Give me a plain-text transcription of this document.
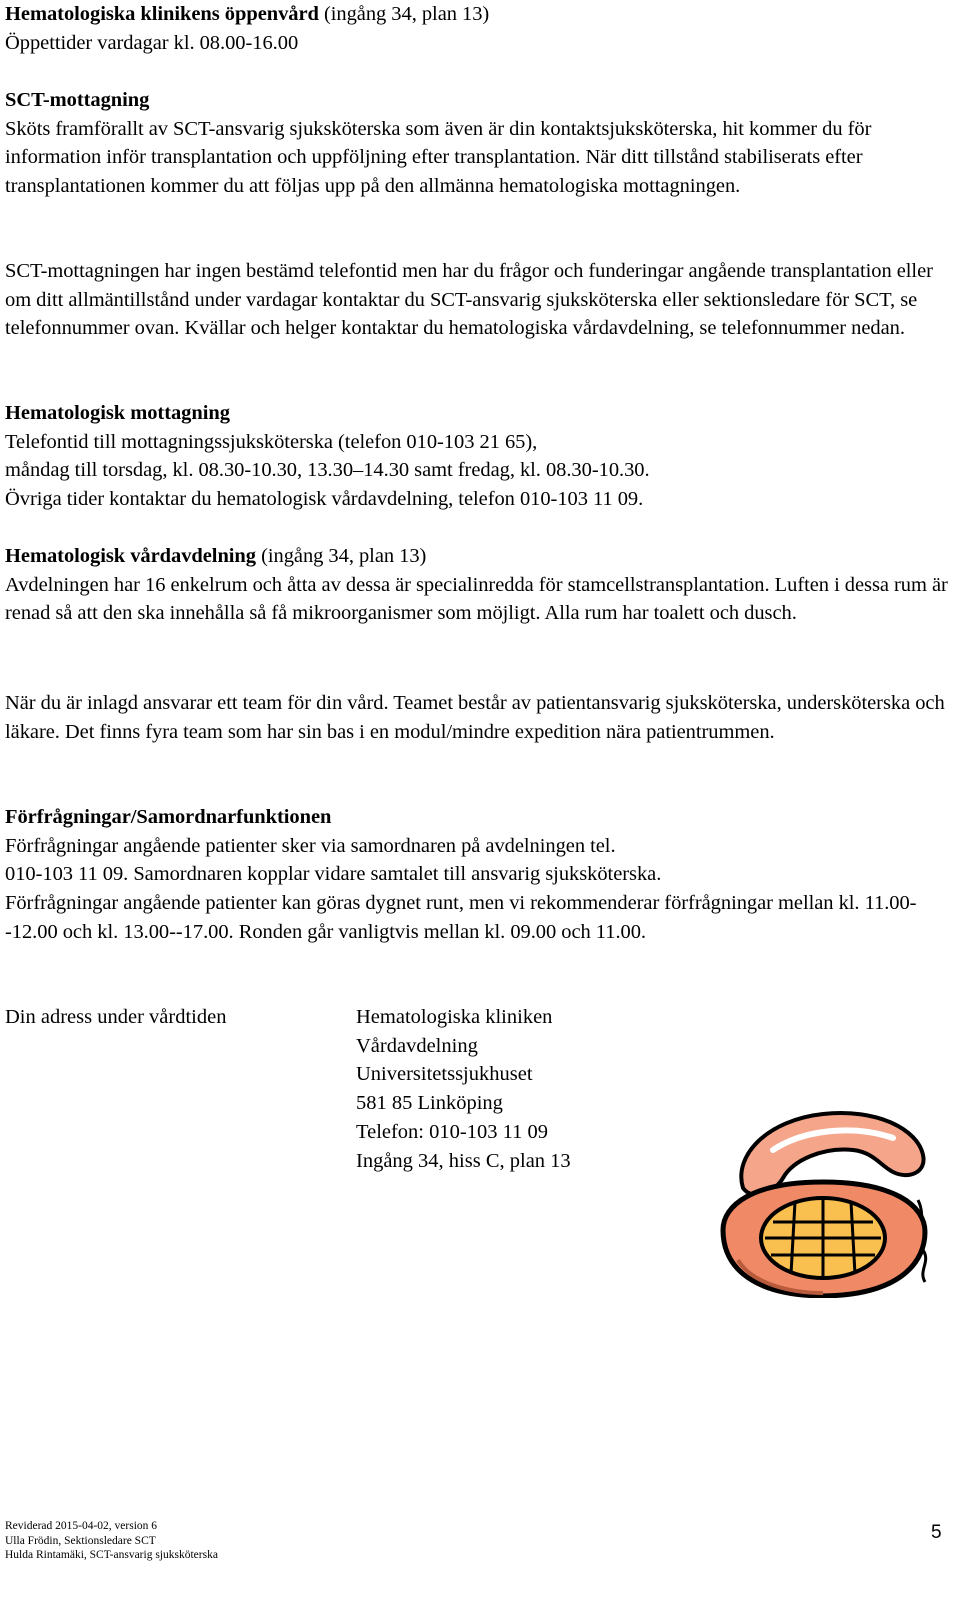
Hematologiska klinikens öppenvård (ingång 34, plan 13)

Öppettider vardagar kl. 08.00-16.00

SCT-mottagning

Sköts framförallt av SCT-ansvarig sjuksköterska som även är din kontaktsjuksköterska, hit kommer du för information inför transplantation och uppföljning efter transplantation. När ditt tillstånd stabiliserats efter transplantationen kommer du att följas upp på den allmänna hematologiska mottagningen.

SCT-mottagningen har ingen bestämd telefontid men har du frågor och funderingar angående transplantation eller om ditt allmäntillstånd under vardagar kontaktar du SCT-ansvarig sjuksköterska eller sektionsledare för SCT, se telefonnummer ovan. Kvällar och helger kontaktar du hematologiska vårdavdelning, se telefonnummer nedan.

Hematologisk mottagning

Telefontid till mottagningssjuksköterska (telefon 010-103 21 65),

måndag till torsdag, kl. 08.30-10.30, 13.30–14.30 samt fredag, kl. 08.30-10.30.

Övriga tider kontaktar du hematologisk vårdavdelning, telefon 010-103 11 09.

Hematologisk vårdavdelning (ingång 34, plan 13)

Avdelningen har 16 enkelrum och åtta av dessa är specialinredda för stamcellstransplantation. Luften i dessa rum är renad så att den ska innehålla så få mikroorganismer som möjligt. Alla rum har toalett och dusch.

När du är inlagd ansvarar ett team för din vård. Teamet består av patientansvarig sjuksköterska, undersköterska och läkare. Det finns fyra team som har sin bas i en modul/mindre expedition nära patientrummen.

Förfrågningar/Samordnarfunktionen

Förfrågningar angående patienter sker via samordnaren på avdelningen tel.

010-103 11 09. Samordnaren kopplar vidare samtalet till ansvarig sjuksköterska.

Förfrågningar angående patienter kan göras dygnet runt, men vi rekommenderar förfrågningar mellan kl. 11.00--12.00 och kl. 13.00--17.00. Ronden går vanligtvis mellan kl. 09.00 och 11.00.

Din adress under vårdtiden	Hematologiska kliniken
Vårdavdelning
Universitetssjukhuset
581 85 Linköping
Telefon: 010-103 11 09
Ingång 34, hiss C, plan 13
Reviderad 2015-04-02, version 6
Ulla Frödin, Sektionsledare SCT
Hulda Rintamäki, SCT-ansvarig sjuksköterska
5
